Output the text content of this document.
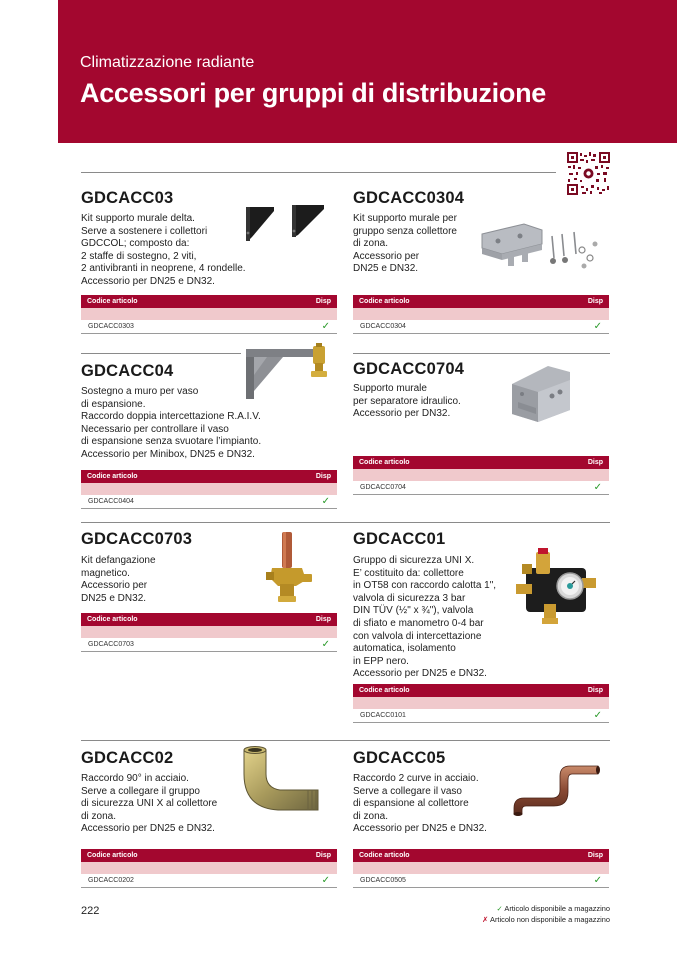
Climatizzazione radiante
Accessori per gruppi di distribuzione
GDCACC03
Kit supporto murale delta.
Serve a sostenere i collettori
GDCCOL; composto da:
2 staffe di sostegno, 2 viti,
2 antivibranti in neoprene, 4 rondelle.
Accessorio per DN25 e DN32.
Codice articolo	Disp
GDCACC0303	✓
GDCACC0304
Kit supporto murale per
gruppo senza collettore
di zona.
Accessorio per
DN25 e DN32.
Codice articolo	Disp
GDCACC0304	✓
GDCACC04
Sostegno a muro per vaso
di espansione.
Raccordo doppia intercettazione R.A.I.V.
Necessario per controllare il vaso
di espansione senza svuotare l’impianto.
Accessorio per Minibox, DN25 e DN32.
Codice articolo	Disp
GDCACC0404	✓
GDCACC0704
Supporto murale
per separatore idraulico.
Accessorio per DN32.
Codice articolo	Disp
GDCACC0704	✓
GDCACC0703
Kit defangazione
magnetico.
Accessorio per
DN25 e DN32.
Codice articolo	Disp
GDCACC0703	✓
GDCACC01
Gruppo di sicurezza UNI X.
E’ costituito da: collettore
in OT58 con raccordo calotta 1",
valvola di sicurezza 3 bar
DIN TÜV (½" x ¾"), valvola
di sfiato e manometro 0-4 bar
con valvola di intercettazione
automatica, isolamento
in EPP nero.
Accessorio per DN25 e DN32.
Codice articolo	Disp
GDCACC0101	✓
GDCACC02
Raccordo 90° in acciaio.
Serve a collegare il gruppo
di sicurezza UNI X al collettore
di zona.
Accessorio per DN25 e DN32.
Codice articolo	Disp
GDCACC0202	✓
GDCACC05
Raccordo 2 curve in acciaio.
Serve a collegare il vaso
di espansione al collettore
di zona.
Accessorio per DN25 e DN32.
Codice articolo	Disp
GDCACC0505	✓
222	✓ Articolo disponibile a magazzino
✗ Articolo non disponibile a magazzino
